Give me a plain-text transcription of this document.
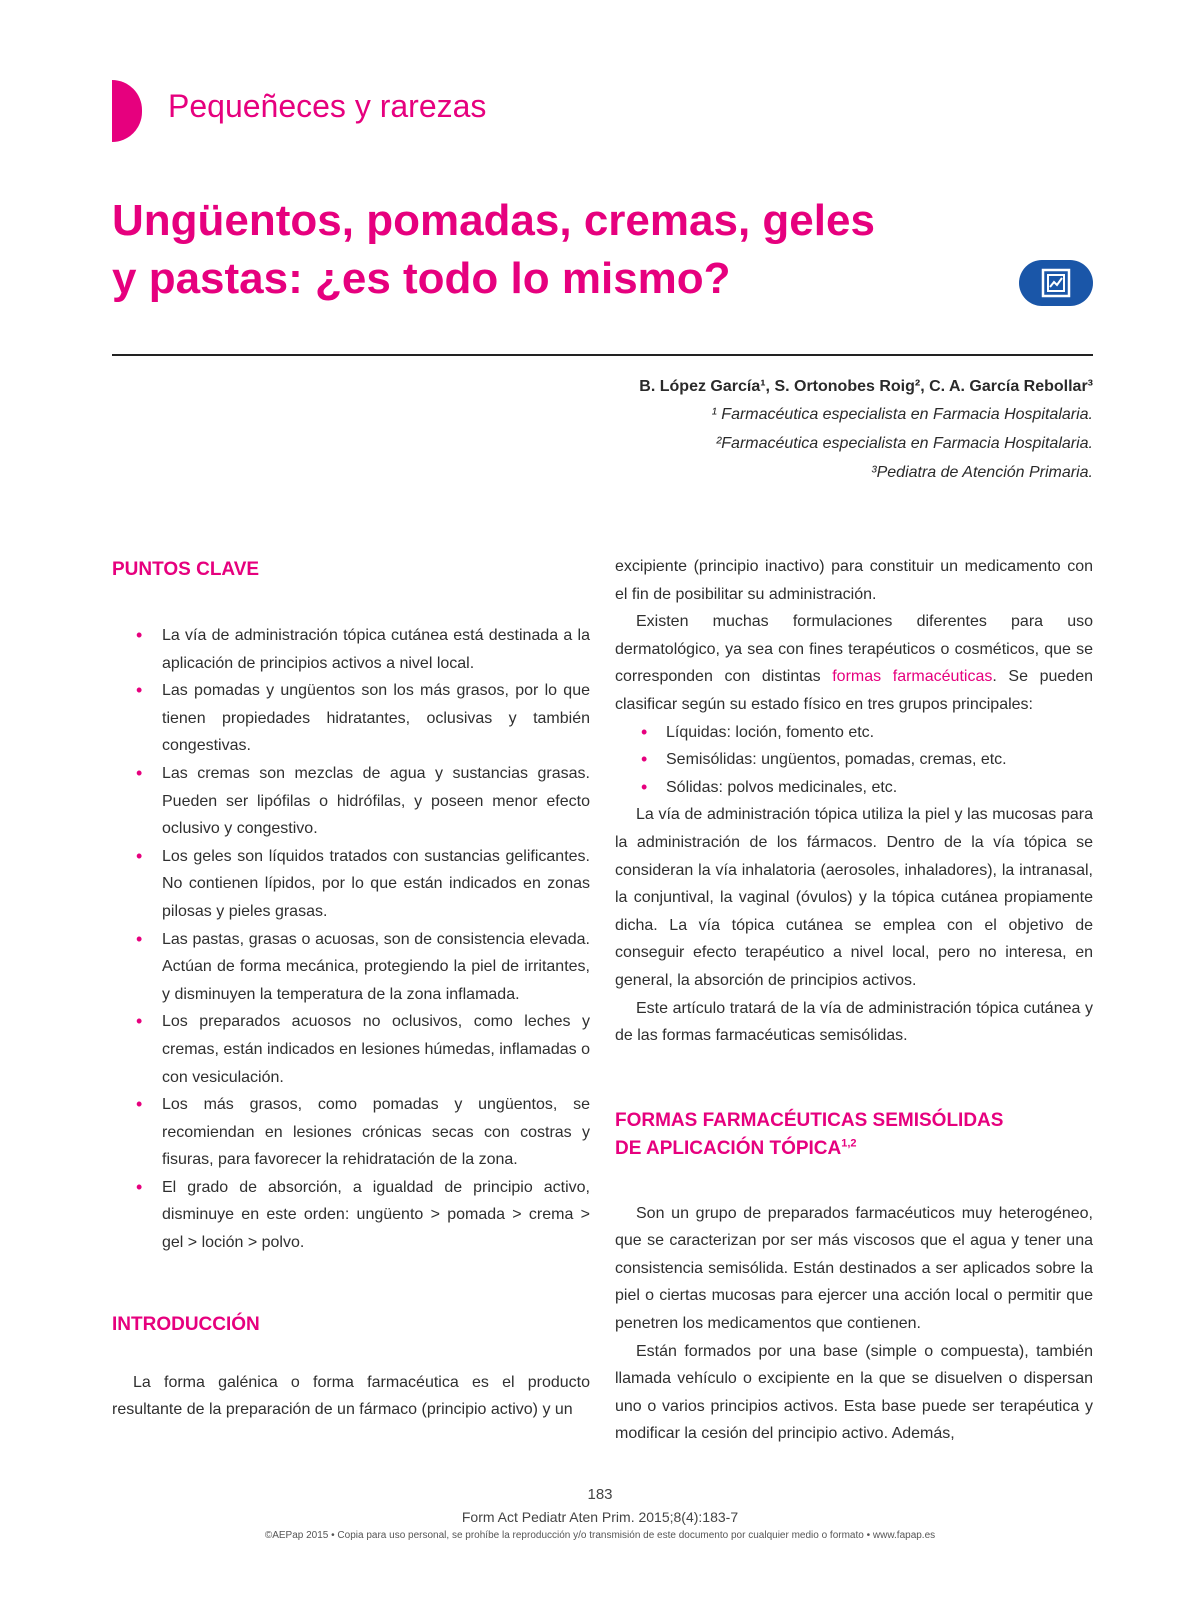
Pequeñeces y rarezas
Ungüentos, pomadas, cremas, geles
y pastas: ¿es todo lo mismo?
B. López García¹, S. Ortonobes Roig², C. A. García Rebollar³
¹ Farmacéutica especialista en Farmacia Hospitalaria.
²Farmacéutica especialista en Farmacia Hospitalaria.
³Pediatra de Atención Primaria.
PUNTOS CLAVE
• La vía de administración tópica cutánea está destinada a la aplicación de principios activos a nivel local.
• Las pomadas y ungüentos son los más grasos, por lo que tienen propiedades hidratantes, oclusivas y también congestivas.
• Las cremas son mezclas de agua y sustancias grasas. Pueden ser lipófilas o hidrófilas, y poseen menor efecto oclusivo y congestivo.
• Los geles son líquidos tratados con sustancias gelificantes. No contienen lípidos, por lo que están indicados en zonas pilosas y pieles grasas.
• Las pastas, grasas o acuosas, son de consistencia elevada. Actúan de forma mecánica, protegiendo la piel de irritantes, y disminuyen la temperatura de la zona inflamada.
• Los preparados acuosos no oclusivos, como leches y cremas, están indicados en lesiones húmedas, inflamadas o con vesiculación.
• Los más grasos, como pomadas y ungüentos, se recomiendan en lesiones crónicas secas con costras y fisuras, para favorecer la rehidratación de la zona.
• El grado de absorción, a igualdad de principio activo, disminuye en este orden: ungüento > pomada > crema > gel > loción > polvo.
INTRODUCCIÓN

La forma galénica o forma farmacéutica es el producto resultante de la preparación de un fármaco (principio activo) y un

excipiente (principio inactivo) para constituir un medicamento con el fin de posibilitar su administración.

Existen muchas formulaciones diferentes para uso dermatológico, ya sea con fines terapéuticos o cosméticos, que se corresponden con distintas formas farmacéuticas. Se pueden clasificar según su estado físico en tres grupos principales:

• Líquidas: loción, fomento etc.
• Semisólidas: ungüentos, pomadas, cremas, etc.
• Sólidas: polvos medicinales, etc.

La vía de administración tópica utiliza la piel y las mucosas para la administración de los fármacos. Dentro de la vía tópica se consideran la vía inhalatoria (aerosoles, inhaladores), la intranasal, la conjuntival, la vaginal (óvulos) y la tópica cutánea propiamente dicha. La vía tópica cutánea se emplea con el objetivo de conseguir efecto terapéutico a nivel local, pero no interesa, en general, la absorción de principios activos.

Este artículo tratará de la vía de administración tópica cutánea y de las formas farmacéuticas semisólidas.

FORMAS FARMACÉUTICAS SEMISÓLIDAS
DE APLICACIÓN TÓPICA$^{1,2}$

Son un grupo de preparados farmacéuticos muy heterogéneo, que se caracterizan por ser más viscosos que el agua y tener una consistencia semisólida. Están destinados a ser aplicados sobre la piel o ciertas mucosas para ejercer una acción local o permitir que penetren los medicamentos que contienen.

Están formados por una base (simple o compuesta), también llamada vehículo o excipiente en la que se disuelven o dispersan uno o varios principios activos. Esta base puede ser terapéutica y modificar la cesión del principio activo. Además,

183
Form Act Pediatr Aten Prim. 2015;8(4):183-7
©AEPap 2015 • Copia para uso personal, se prohíbe la reproducción y/o transmisión de este documento por cualquier medio o formato • www.fapap.es
